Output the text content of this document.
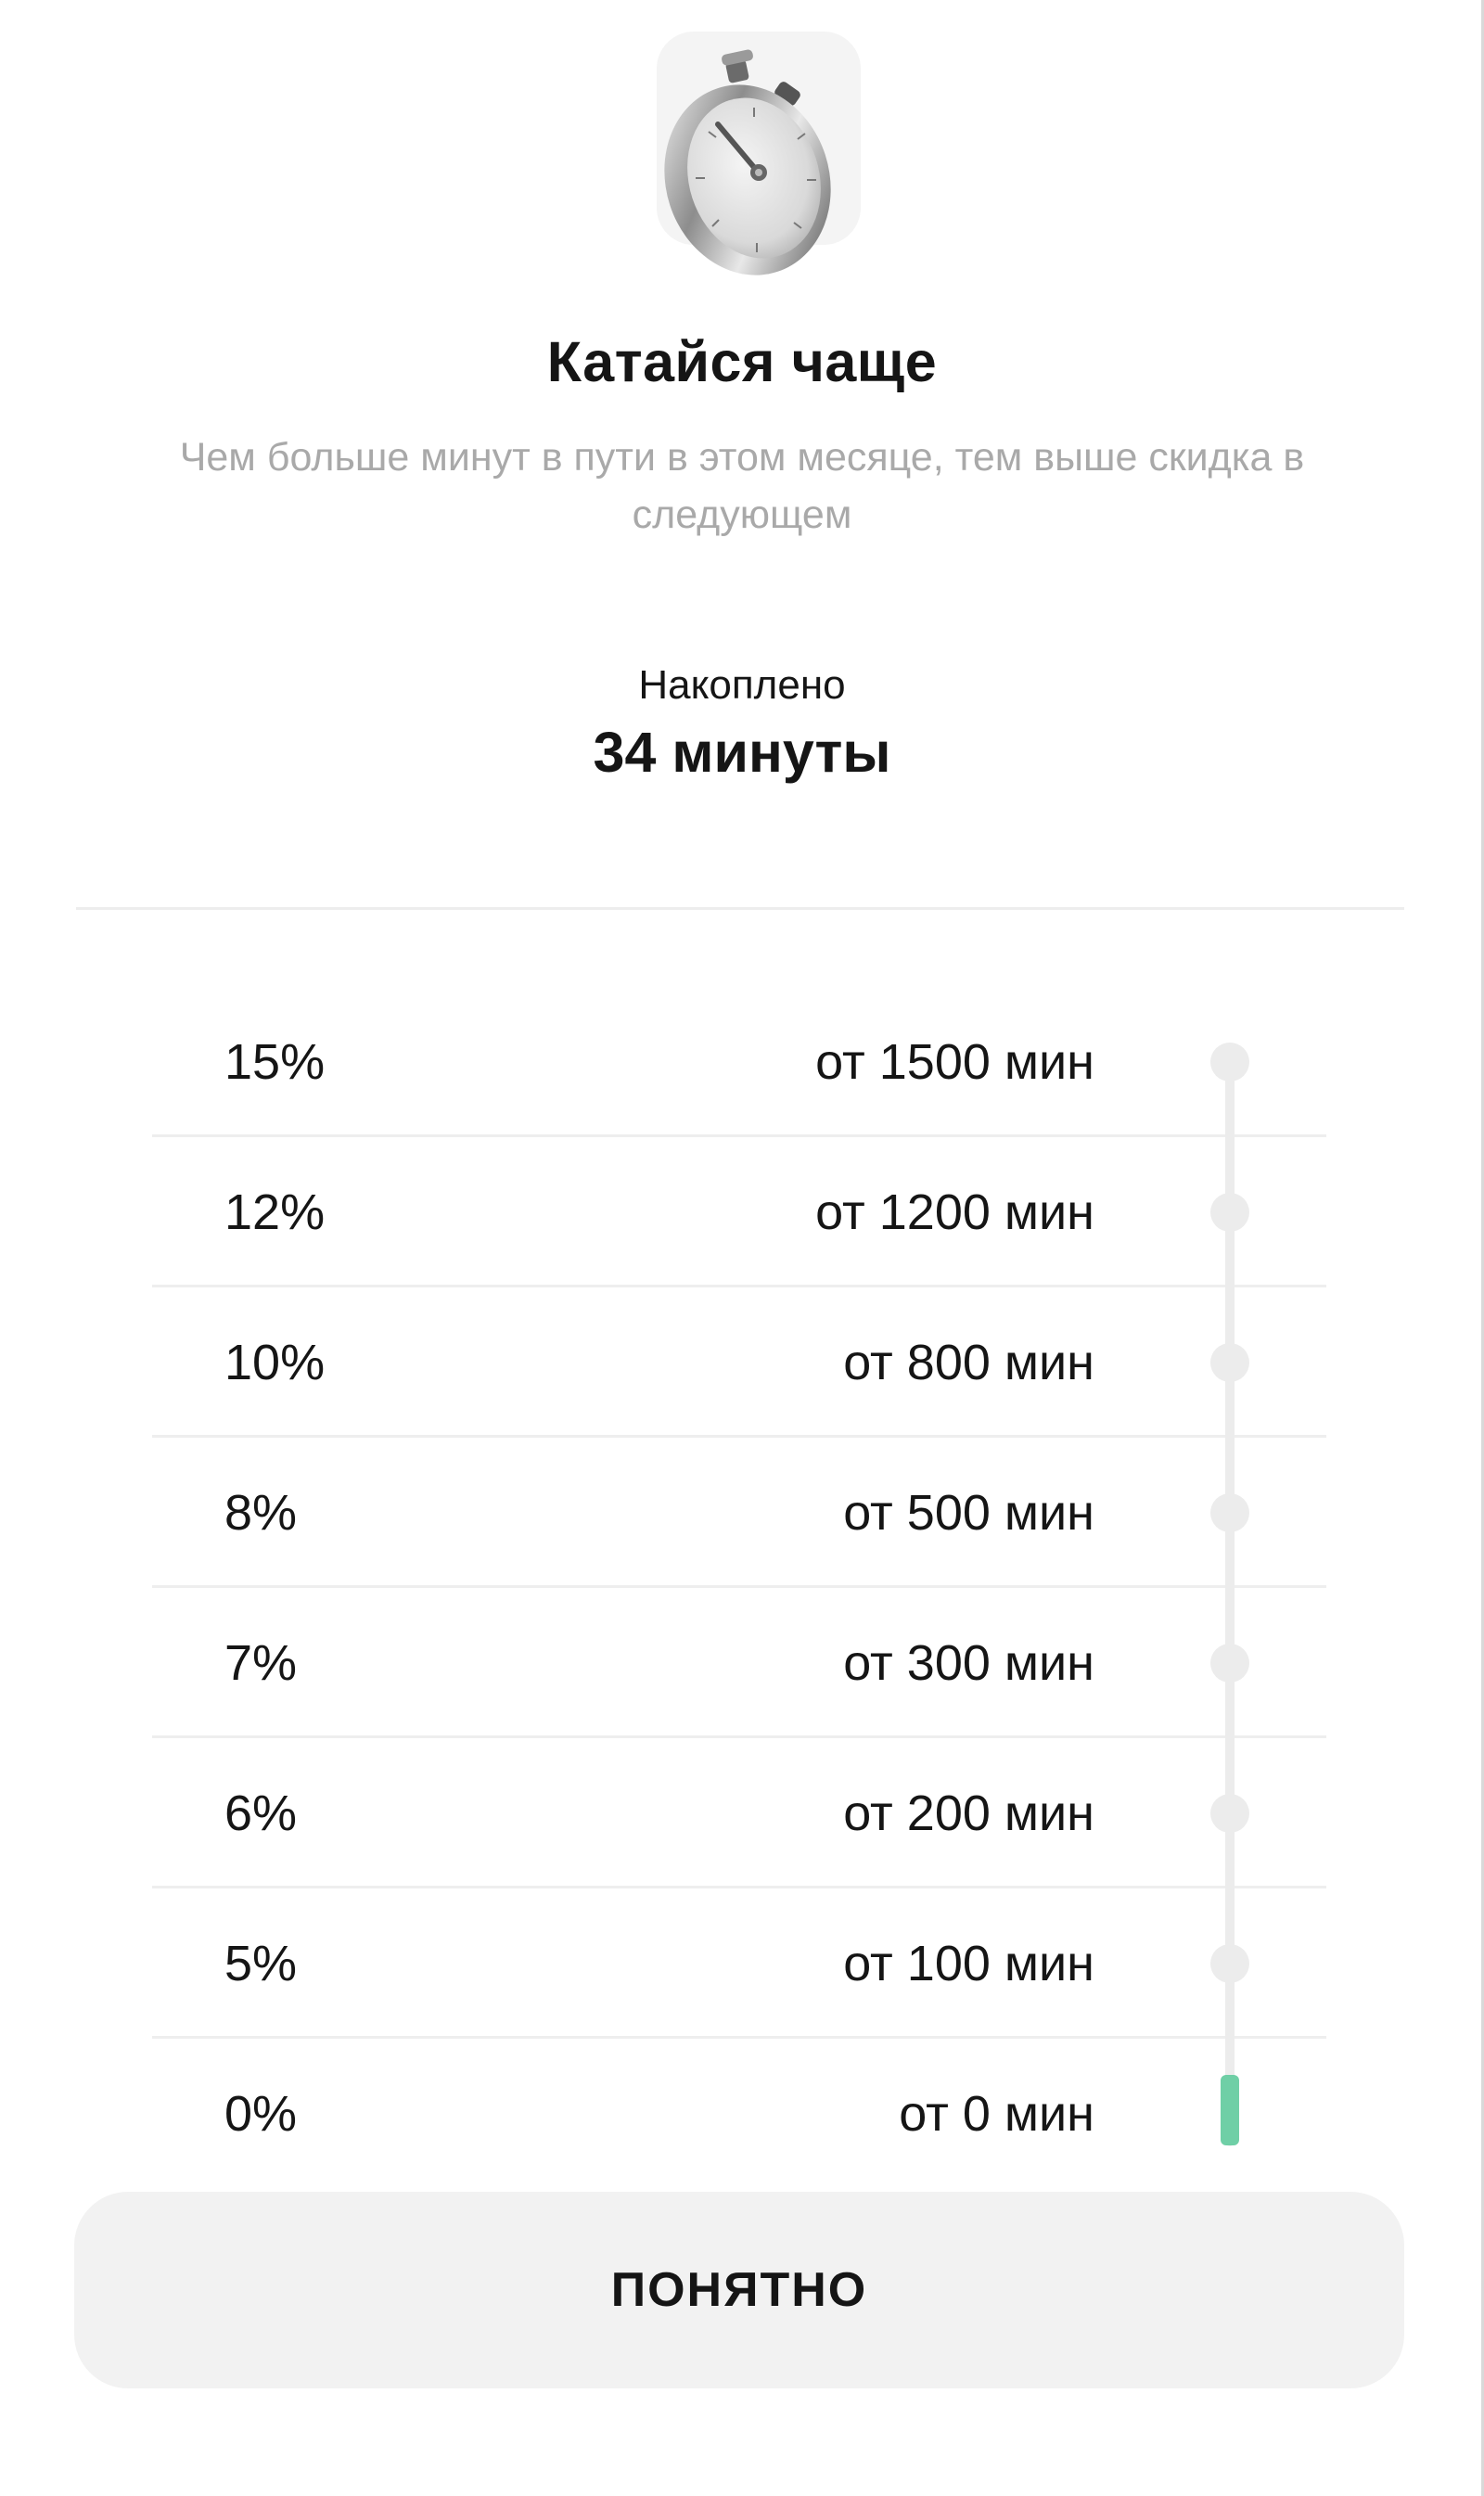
Катайся чаще
Чем больше минут в пути в этом месяце, тем выше скидка в следующем
Накоплено
34 минуты
15%	от 1500 мин
12%	от 1200 мин
10%	от 800 мин
8%	от 500 мин
7%	от 300 мин
6%	от 200 мин
5%	от 100 мин
0%	от 0 мин
ПОНЯТНО
